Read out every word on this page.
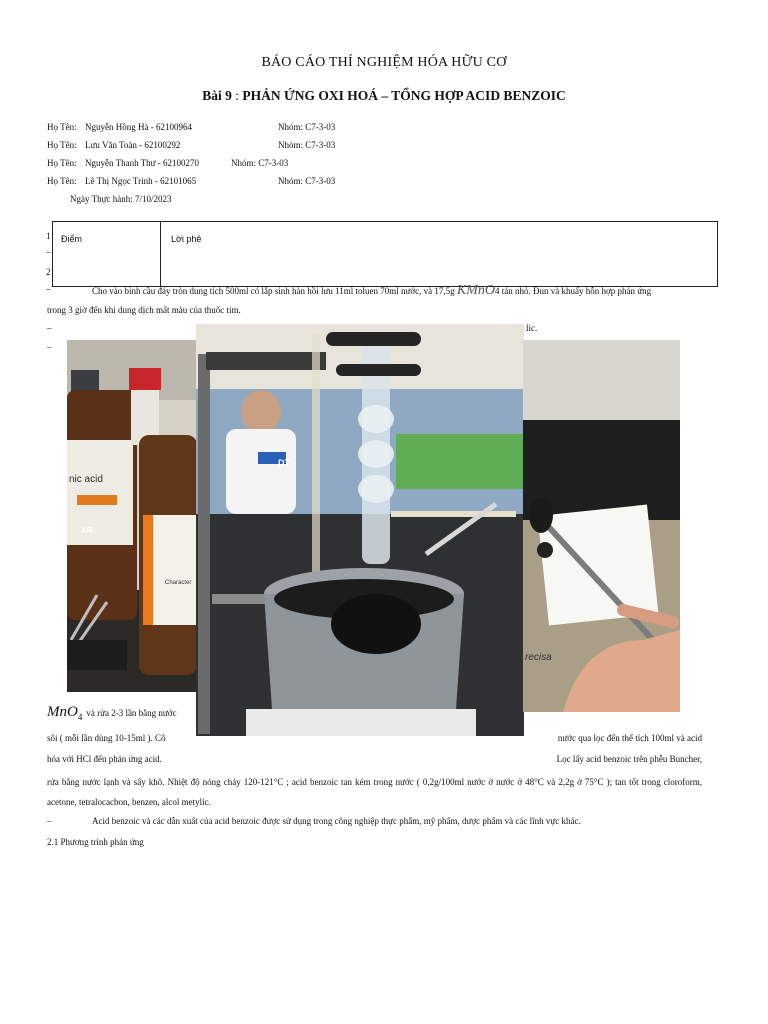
BÁO CÁO THÍ NGHIỆM HÓA HỮU CƠ
Bài 9 : PHẢN ỨNG OXI HOÁ – TỔNG HỢP ACID BENZOIC
Họ Tên: Nguyễn Hồng Hà - 62100964	Nhóm: C7-3-03
Họ Tên: Lưu Văn Toàn - 62100292	Nhóm: C7-3-03
Họ Tên: Nguyễn Thanh Thư - 62100270	Nhóm: C7-3-03
Họ Tên: Lê Thị Ngọc Trinh - 62101065	Nhóm: C7-3-03
Ngày Thực hành: 7/10/2023
1
–
2
–
Điểm	Lời phê
Cho vào bình cầu đáy tròn dung tích 500ml có lắp sinh hàn hồi lưu 11ml toluen 70ml nước, và 17,5g KMnO4 tán nhỏ. Đun và khuấy hỗn hợp phản ứng
trong 3 giờ đến khi dung dịch mất màu của thuốc tím.
–
–
lic.
nic acid
AR
Character
DT
recisa
MnO$_4$ và rửa 2-3 lần bằng nước
sôi ( mỗi lần dùng 10-15ml ). Cô	nước qua lọc đến thể tích 100ml và acid
hóa với HCl đến phản ứng acid.	Lọc lấy acid benzoic trên phễu Buncher,
rửa bằng nước lạnh và sấy khô. Nhiệt độ nóng chảy 120-121°C ; acid benzoic tan kém trong nước ( 0,2g/100ml nước ở nước ở 48°C và 2,2g ở 75°C ); tan tốt trong cloroform, acetone, tetralocacbon, benzen, alcol metylic.
–	Acid benzoic và các dẫn xuất của acid benzoic được sử dụng trong công nghiệp thực phẩm, mỹ phẩm, dược phẩm và các lĩnh vực khác.
2.1 Phương trình phản ứng
